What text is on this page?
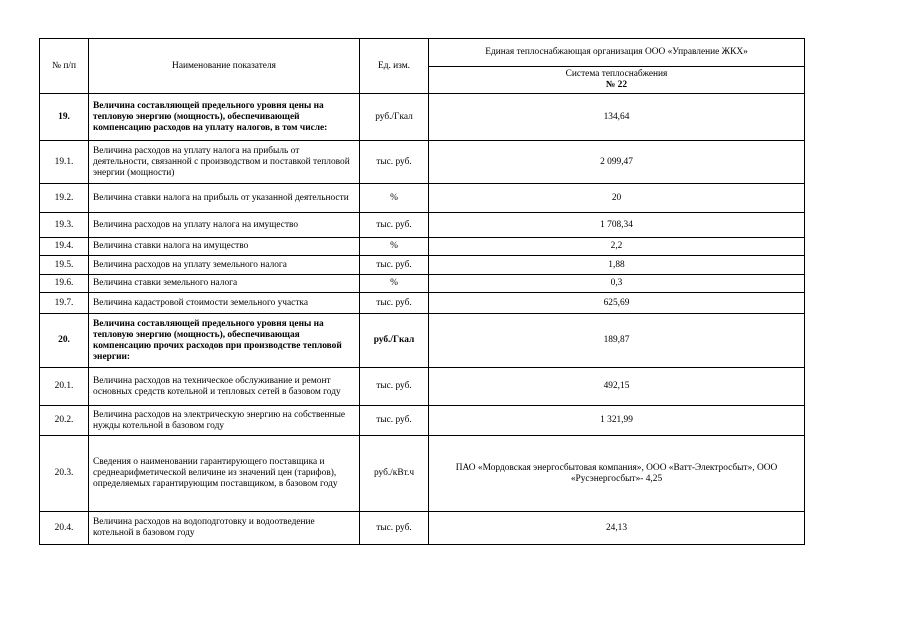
№ п/п	Наименование показателя	Ед. изм.	Единая теплоснабжающая организация ООО «Управление ЖКХ»

			Система теплоснабжения
№ 22

19.	Величина составляющей предельного уровня цены на тепловую энергию (мощность), обеспечивающей компенсацию расходов на уплату налогов, в том числе:	руб./Гкал	134,64
19.1.	Величина расходов на уплату налога на прибыль от деятельности, связанной с производством и поставкой тепловой энергии (мощности)	тыс. руб.	2 099,47
19.2.	Величина ставки налога на прибыль от указанной деятельности	%	20
19.3.	Величина расходов на уплату налога на имущество	тыс. руб.	1 708,34
19.4.	Величина ставки налога на имущество	%	2,2
19.5.	Величина расходов на уплату земельного налога	тыс. руб.	1,88
19.6.	Величина ставки земельного налога	%	0,3
19.7.	Величина кадастровой стоимости земельного участка	тыс. руб.	625,69
20.	Величина составляющей предельного уровня цены на тепловую энергию (мощность), обеспечивающая компенсацию прочих расходов при производстве тепловой энергии:	руб./Гкал	189,87
20.1.	Величина расходов на техническое обслуживание и ремонт основных средств котельной и тепловых сетей в базовом году	тыс. руб.	492,15
20.2.	Величина расходов на электрическую энергию на собственные нужды котельной в базовом году	тыс. руб.	1 321,99
20.3.	Сведения о наименовании гарантирующего поставщика и среднеарифметической величине из значений цен (тарифов), определяемых гарантирующим поставщиком, в базовом году	руб./кВт.ч	ПАО «Мордовская энергосбытовая компания», ООО «Ватт-Электросбыт», ООО «Русэнергосбыт»- 4,25
20.4.	Величина расходов на водоподготовку и водоотведение котельной в базовом году	тыс. руб.	24,13
